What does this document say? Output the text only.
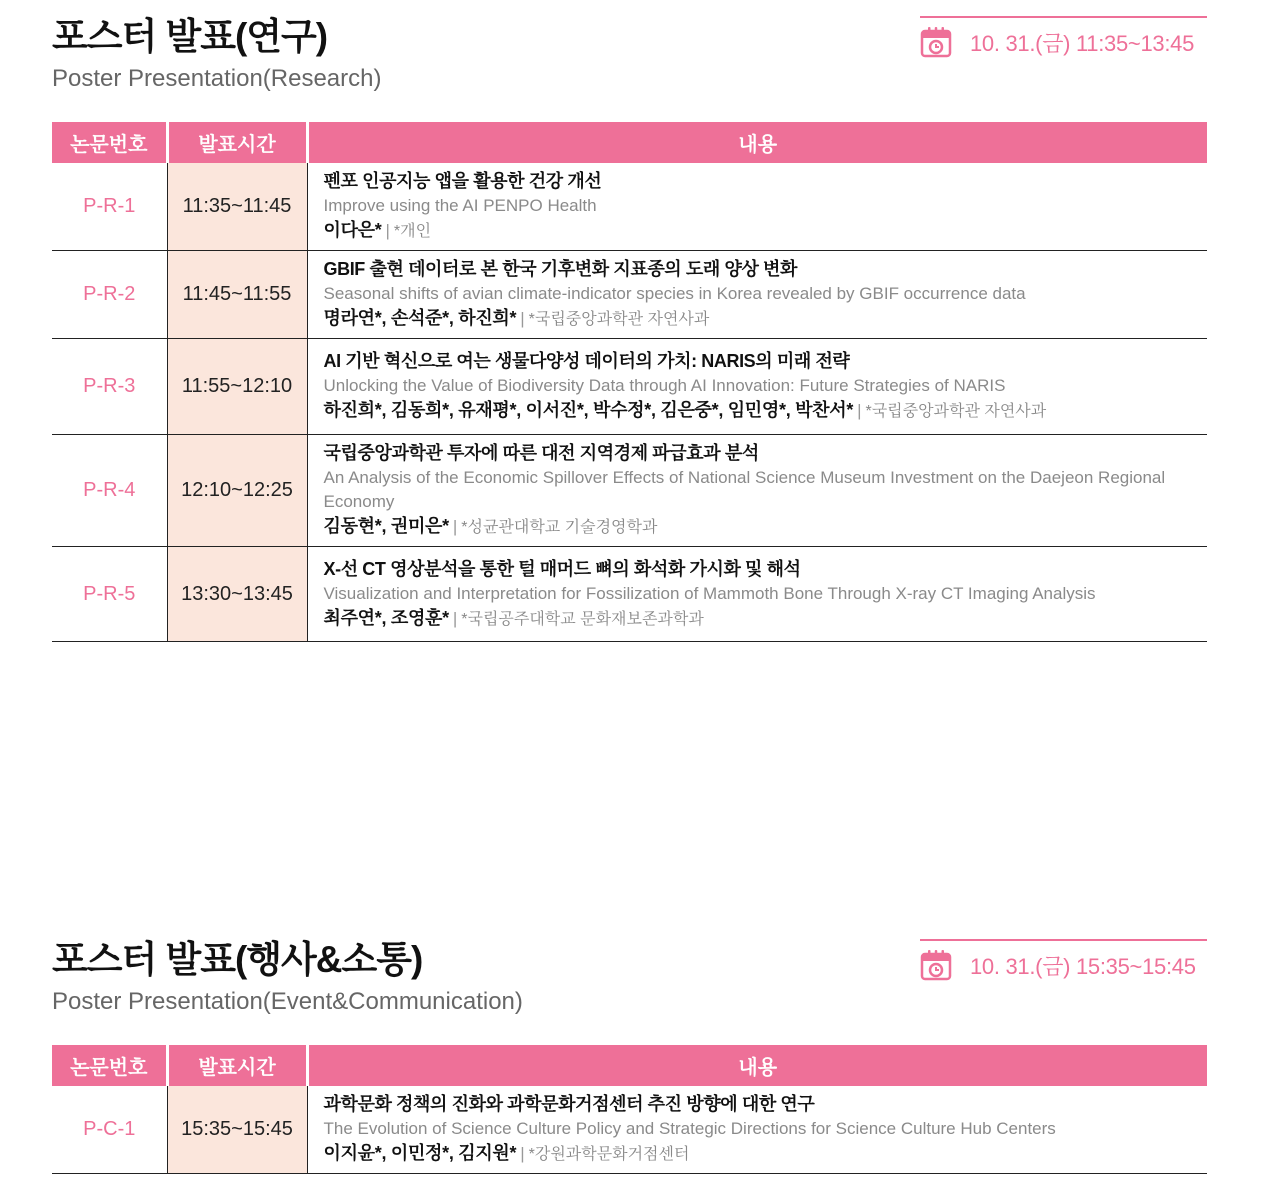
포스터 발표(연구)
Poster Presentation(Research)
10. 31.(금) 11:35~13:45
논문번호	발표시간	내용
P-R-1	11:35~11:45	펜포 인공지능 앱을 활용한 건강 개선
Improve using the AI PENPO Health
이다은* | *개인

P-R-2	11:45~11:55	GBIF 출현 데이터로 본 한국 기후변화 지표종의 도래 양상 변화
Seasonal shifts of avian climate-indicator species in Korea revealed by GBIF occurrence data
명라연*, 손석준*, 하진희* | *국립중앙과학관 자연사과

P-R-3	11:55~12:10	AI 기반 혁신으로 여는 생물다양성 데이터의 가치: NARIS의 미래 전략
Unlocking the Value of Biodiversity Data through AI Innovation: Future Strategies of NARIS
하진희*, 김동희*, 유재평*, 이서진*, 박수정*, 김은중*, 임민영*, 박찬서* | *국립중앙과학관 자연사과

P-R-4	12:10~12:25	국립중앙과학관 투자에 따른 대전 지역경제 파급효과 분석
An Analysis of the Economic Spillover Effects of National Science Museum Investment on the Daejeon Regional Economy
김동현*, 권미은* | *성균관대학교 기술경영학과

P-R-5	13:30~13:45	X-선 CT 영상분석을 통한 털 매머드 뼈의 화석화 가시화 및 해석
Visualization and Interpretation for Fossilization of Mammoth Bone Through X-ray CT Imaging Analysis
최주연*, 조영훈* | *국립공주대학교 문화재보존과학과
포스터 발표(행사&소통)
Poster Presentation(Event&Communication)
10. 31.(금) 15:35~15:45
논문번호	발표시간	내용
P-C-1	15:35~15:45	과학문화 정책의 진화와 과학문화거점센터 추진 방향에 대한 연구
The Evolution of Science Culture Policy and Strategic Directions for Science Culture Hub Centers
이지윤*, 이민정*, 김지원* | *강원과학문화거점센터
